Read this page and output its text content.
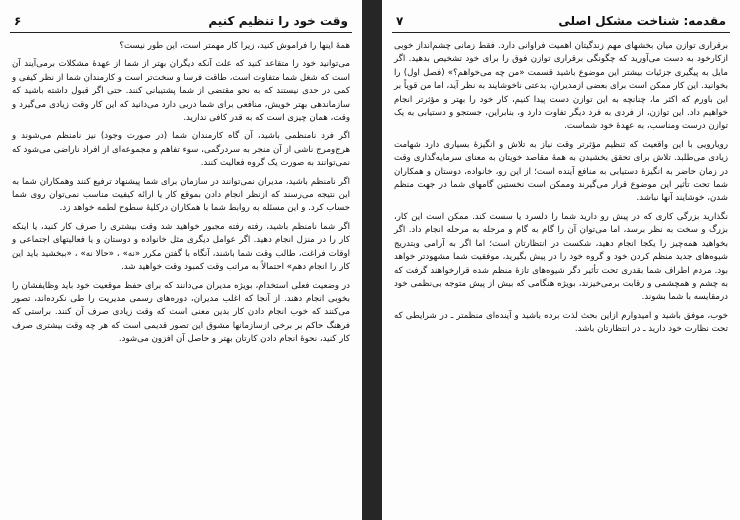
وقت خود را تنظیم کنیم
۶

همهٔ اینها را فراموش کنید، زیرا کار مهمتر است، این طور نیست؟

می‌توانید خود را متقاعد کنید که علت آنکه دیگران بهتر از شما از عهدهٔ مشکلات برمی‌آیند آن است که شغل شما متفاوت است، طاقت فرسا و سخت‌تر است و کارمندان شما از نظر کیفی و کمی در حدی نیستند که به نحو مقتضی از شما پشتیبانی کنند. حتی اگر قبول داشته باشید که سازماندهی بهتر خویش، منافعی برای شما دربی دارد می‌دانید که این کار وقت زیادی می‌گیرد و وقت، همان چیزی است که به قدر کافی ندارید.

اگر فرد نامنظمی باشید، آن گاه کارمندان شما (در صورت وجود) نیز نامنظم می‌شوند و هرج‌ومرج ناشی از آن منجر به سردرگمی، سوء تفاهم و مجموعه‌ای از افراد ناراضی می‌شود که نمی‌توانند به صورت یک گروه فعالیت کنند.

اگر نامنظم باشید، مدیران نمی‌توانند در سازمان برای شما پیشنهاد ترفیع کنند وهمکاران شما به این نتیجه می‌رسند که ازنظر انجام دادن بموقع کار یا ارائه کیفیت مناسب نمی‌توان روی شما حساب کرد. و این مسئله به روابط شما با همکاران درکلیهٔ سطوح لطمه خواهد زد.

اگر شما نامنظم باشید، رفته رفته مجبور خواهید شد وقت بیشتری را صرف کار کنید، یا اینکه کار را در منزل انجام دهید. اگر عوامل دیگری مثل خانواده و دوستان و یا فعالیتهای اجتماعی و اوقات فراغت، طالب وقت شما باشند، آنگاه با گفتن مکرر «نه» ، «حالا نه» ، «ببخشید باید این کار را انجام دهم» احتمالاً به مراتب وقت کمبود وقت خواهید شد.

در وضعیت فعلی استخدام، بویژه مدیران می‌دانند که برای حفظ موقعیت خود باید وظایفشان را بخوبی انجام دهند. از آنجا که اغلب مدیران، دوره‌های رسمی مدیریت را طی نکرده‌اند، تصور می‌کنند که خوب انجام دادن کار بدین معنی است که وقت زیادی صرف آن کنند. براستی که فرهنگ حاکم بر برخی ازسازمانها مشوق این تصور قدیمی است که هر چه وقت بیشتری صرف کار کنید، نحوهٔ انجام دادن کارتان بهتر و حاصل آن افزون می‌شود.

مقدمه: شناخت مشکل اصلی
۷

برقراری توازن میان بخشهای مهم زندگیتان اهمیت فراوانی دارد. فقط زمانی چشم‌انداز خوبی ازکارخود به دست می‌آورید که چگونگی برقراری توازن فوق را برای خود تشخیص بدهید. اگر مایل به پیگیری جزئیات بیشتر این موضوع باشید قسمت «من چه می‌خواهم؟» (فصل اول) را بخوانید. این کار ممکن است برای بعضی ازمدیران، بدعتی ناخوشایند به نظر آید، اما من قویاً بر این باورم که اکثر ما، چنانچه به این توازن دست پیدا کنیم، کار خود را بهتر و مؤثرتر انجام خواهیم داد. این توازن، از فردی به فرد دیگر تفاوت دارد و، بنابراین، جستجو و دستیابی به یک توازن درست ومناسب، به عهدهٔ خود شماست.

رویارویی با این واقعیت که تنظیم مؤثرتر وقت نیاز به تلاش و انگیزهٔ بسیاری دارد شهامت زیادی می‌طلبد. تلاش برای تحقق بخشیدن به همهٔ مقاصد خویتان به معنای سرمایه‌گذاری وقت در زمان حاضر به انگیزهٔ دستیابی به منافع آینده است؛ از این رو، خانواده، دوستان و همکاران شما تحت تأثیر این موضوع قرار می‌گیرند وممکن است نخستین گامهای شما در جهت منظم شدن، خوشایند آنها نباشد.

نگذارید بزرگی کاری که در پیش رو دارید شما را دلسرد یا سست کند. ممکن است این کار، بزرگ و سخت به نظر برسد، اما می‌توان آن را گام به گام و مرحله به مرحله انجام داد. اگر بخواهید همه‌چیز را یکجا انجام دهید، شکست در انتظارتان است؛ اما اگر به آرامی وبتدریج شیوه‌های جدید منظم کردن خود و گروه خود را در پیش بگیرید، موفقیت شما مشهودتر خواهد بود. مردم اطراف شما بقدری تحت تأثیر دگر شیوه‌های تازهٔ منظم شده قرارخواهند گرفت که به چشم و همچشمی و رقابت برمی‌خیزند، بویژه هنگامی که بیش از پیش متوجه بی‌نظمی خود درمقایسه با شما بشوند.

خوب، موفق باشید و امیدوارم ازاین بحث لذت برده باشید و آینده‌ای منظمتر ـ در شرایطی که تحت نظارت خود دارید ـ در انتظارتان باشد.
